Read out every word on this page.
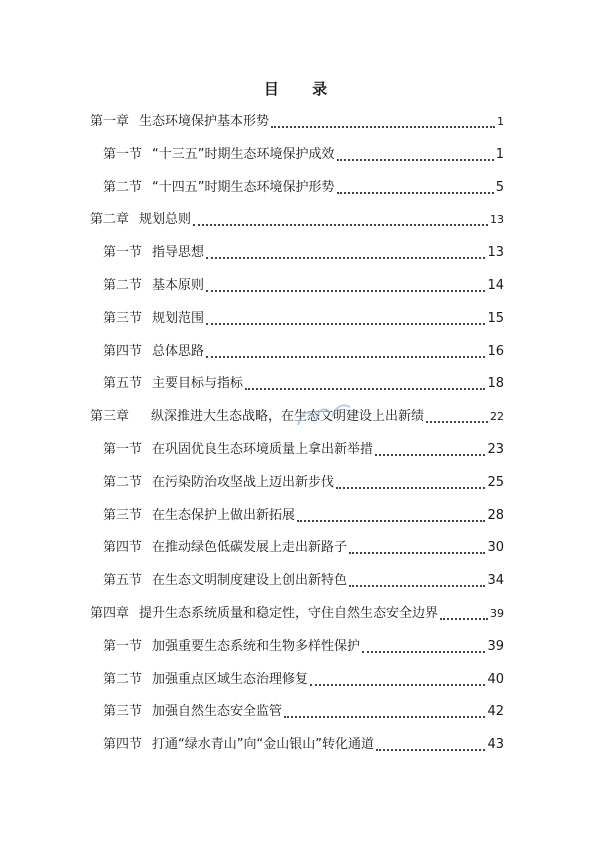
目 录
第一章 生态环境保护基本形势	1
第一节 “十三五”时期生态环境保护成效	1
第二节 “十四五”时期生态环境保护形势	5
第二章 规划总则	13
第一节 指导思想	13
第二节 基本原则	14
第三节 规划范围	15
第四节 总体思路	16
第五节 主要目标与指标	18
第三章 纵深推进大生态战略，在生态文明建设上出新绩	22
第一节 在巩固优良生态环境质量上拿出新举措	23
第二节 在污染防治攻坚战上迈出新步伐	25
第三节 在生态保护上做出新拓展	28
第四节 在推动绿色低碳发展上走出新路子	30
第五节 在生态文明制度建设上创出新特色	34
第四章 提升生态系统质量和稳定性，守住自然生态安全边界	39
第一节 加强重要生态系统和生物多样性保护	39
第二节 加强重点区域生态治理修复	40
第三节 加强自然生态安全监管	42
第四节 打通“绿水青山”向“金山银山”转化通道	43
